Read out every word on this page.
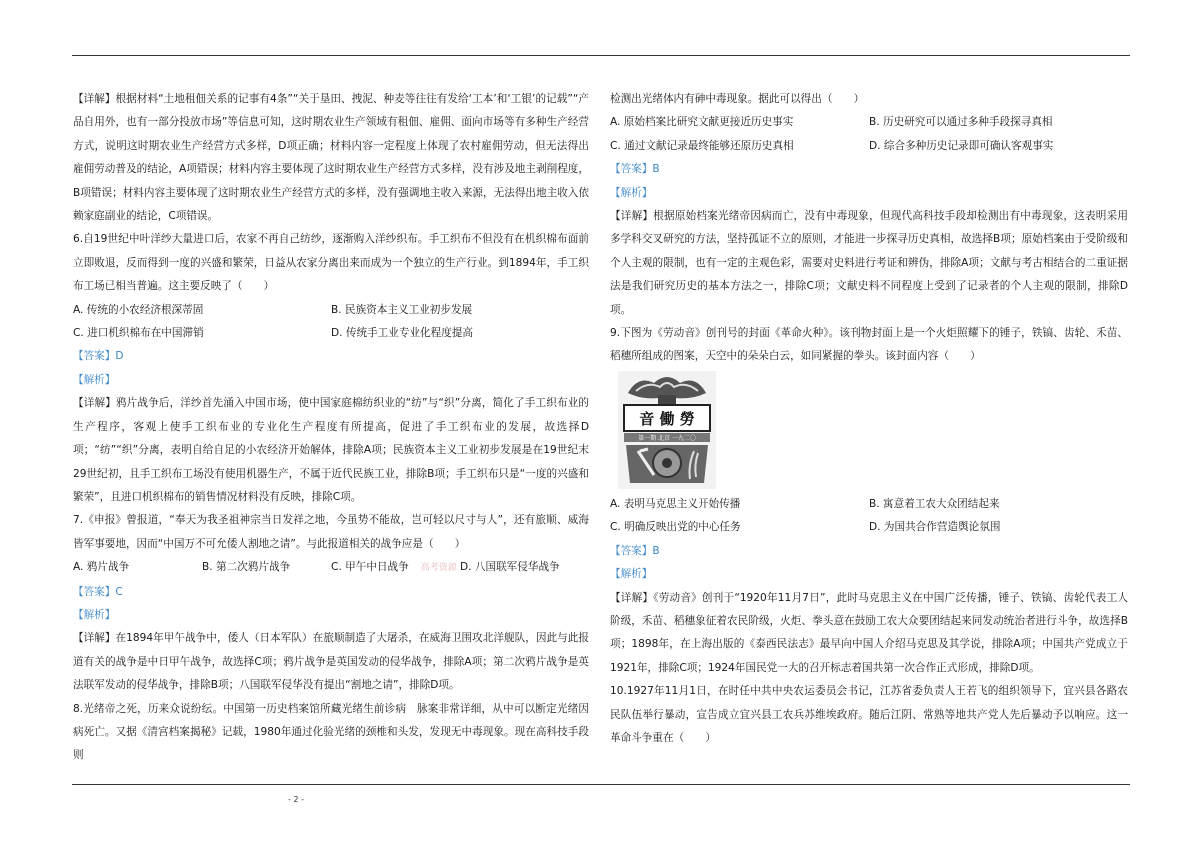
【详解】根据材料“土地租佃关系的记事有4条”“关于垦田、拽泥、种麦等往往有发给‘工本’和‘工银’的记载”“产品自用外，也有一部分投放市场”等信息可知，这时期农业生产领域有租佃、雇佣、面向市场等有多种生产经营方式，说明这时期农业生产经营方式多样，D项正确；材料内容一定程度上体现了农村雇佣劳动，但无法得出雇佣劳动普及的结论，A项错误；材料内容主要体现了这时期农业生产经营方式多样，没有涉及地主剥削程度，B项错误；材料内容主要体现了这时期农业生产经营方式的多样，没有强调地主收入来源，无法得出地主收入依赖家庭副业的结论，C项错误。

6.自19世纪中叶洋纱大量进口后，农家不再自己纺纱，逐渐购入洋纱织布。手工织布不但没有在机织棉布面前立即败退，反而得到一度的兴盛和繁荣，日益从农家分离出来而成为一个独立的生产行业。到1894年，手工织布工场已相当普遍。这主要反映了（　　）

A. 传统的小农经济根深蒂固	B. 民族资本主义工业初步发展
C. 进口机织棉布在中国滞销	D. 传统手工业专业化程度提高

【答案】D

【解析】

【详解】鸦片战争后，洋纱首先涌入中国市场，使中国家庭棉纺织业的“纺”与“织”分离，简化了手工织布业的生产程序，客观上使手工织布业的专业化生产程度有所提高，促进了手工织布业的发展，故选择D项；“纺”“织”分离，表明自给自足的小农经济开始解体，排除A项；民族资本主义工业初步发展是在19世纪末29世纪初，且手工织布工场没有使用机器生产，不属于近代民族工业，排除B项；手工织布只是“一度的兴盛和繁荣”，且进口机织棉布的销售情况材料没有反映，排除C项。

7.《申报》曾报道，“奉天为我圣祖神宗当日发祥之地，今虽势不能故，岂可轻以尺寸与人”，还有旅顺、威海皆军事要地，因而“中国万不可允倭人割地之请”。与此报道相关的战争应是（　　）

A. 鸦片战争	B. 第二次鸦片战争	C. 甲午中日战争 高考资源 D. 八国联军侵华战争

【答案】C

【解析】

【详解】在1894年甲午战争中，倭人（日本军队）在旅顺制造了大屠杀，在威海卫围攻北洋舰队，因此与此报道有关的战争是中日甲午战争，故选择C项；鸦片战争是英国发动的侵华战争，排除A项；第二次鸦片战争是英法联军发动的侵华战争，排除B项；八国联军侵华没有提出“割地之请”，排除D项。

8.光绪帝之死，历来众说纷纭。中国第一历史档案馆所藏光绪生前诊病　脉案非常详细，从中可以断定光绪因病死亡。又据《清宫档案揭秘》记载，1980年通过化验光绪的颈椎和头发，发现无中毒现象。现在高科技手段则

检测出光绪体内有砷中毒现象。据此可以得出（　　）

A. 原始档案比研究文献更接近历史事实	B. 历史研究可以通过多种手段探寻真相
C. 通过文献记录最终能够还原历史真相	D. 综合多种历史记录即可确认客观事实

【答案】B

【解析】

【详解】根据原始档案光绪帝因病而亡，没有中毒现象，但现代高科技手段却检测出有中毒现象，这表明采用多学科交叉研究的方法，坚持孤证不立的原则，才能进一步探寻历史真相，故选择B项；原始档案由于受阶级和个人主观的限制，也有一定的主观色彩，需要对史料进行考证和辨伪，排除A项；文献与考古相结合的二重证据法是我们研究历史的基本方法之一，排除C项；文献史料不同程度上受到了记录者的个人主观的限制，排除D项。

9.下图为《劳动音》创刊号的封面《革命火种》。该刊物封面上是一个火炬照耀下的锤子，铁镐、齿轮、禾苗、稻穗所组成的图案，天空中的朵朵白云，如同紧握的拳头。该封面内容（　　）

音 働 勞
第一期 北京 一九二〇
A. 表明马克思主义开始传播	B. 寓意着工农大众团结起来
C. 明确反映出党的中心任务	D. 为国共合作营造舆论氛围

【答案】B

【解析】

【详解】《劳动音》创刊于“1920年11月7日”，此时马克思主义在中国广泛传播，锤子、铁镐、齿轮代表工人阶级，禾苗、稻穗象征着农民阶级，火炬、拳头意在鼓励工农大众要团结起来同发动统治者进行斗争，故选择B项；1898年，在上海出版的《泰西民法志》最早向中国人介绍马克思及其学说，排除A项；中国共产党成立于1921年，排除C项；1924年国民党一大的召开标志着国共第一次合作正式形成，排除D项。

10.1927年11月1日，在时任中共中央农运委员会书记，江苏省委负责人王若飞的组织领导下，宜兴县各路农民队伍举行暴动，宣告成立宜兴县工农兵苏维埃政府。随后江阴、常熟等地共产党人先后暴动予以响应。这一革命斗争重在（　　）

- 2 -
